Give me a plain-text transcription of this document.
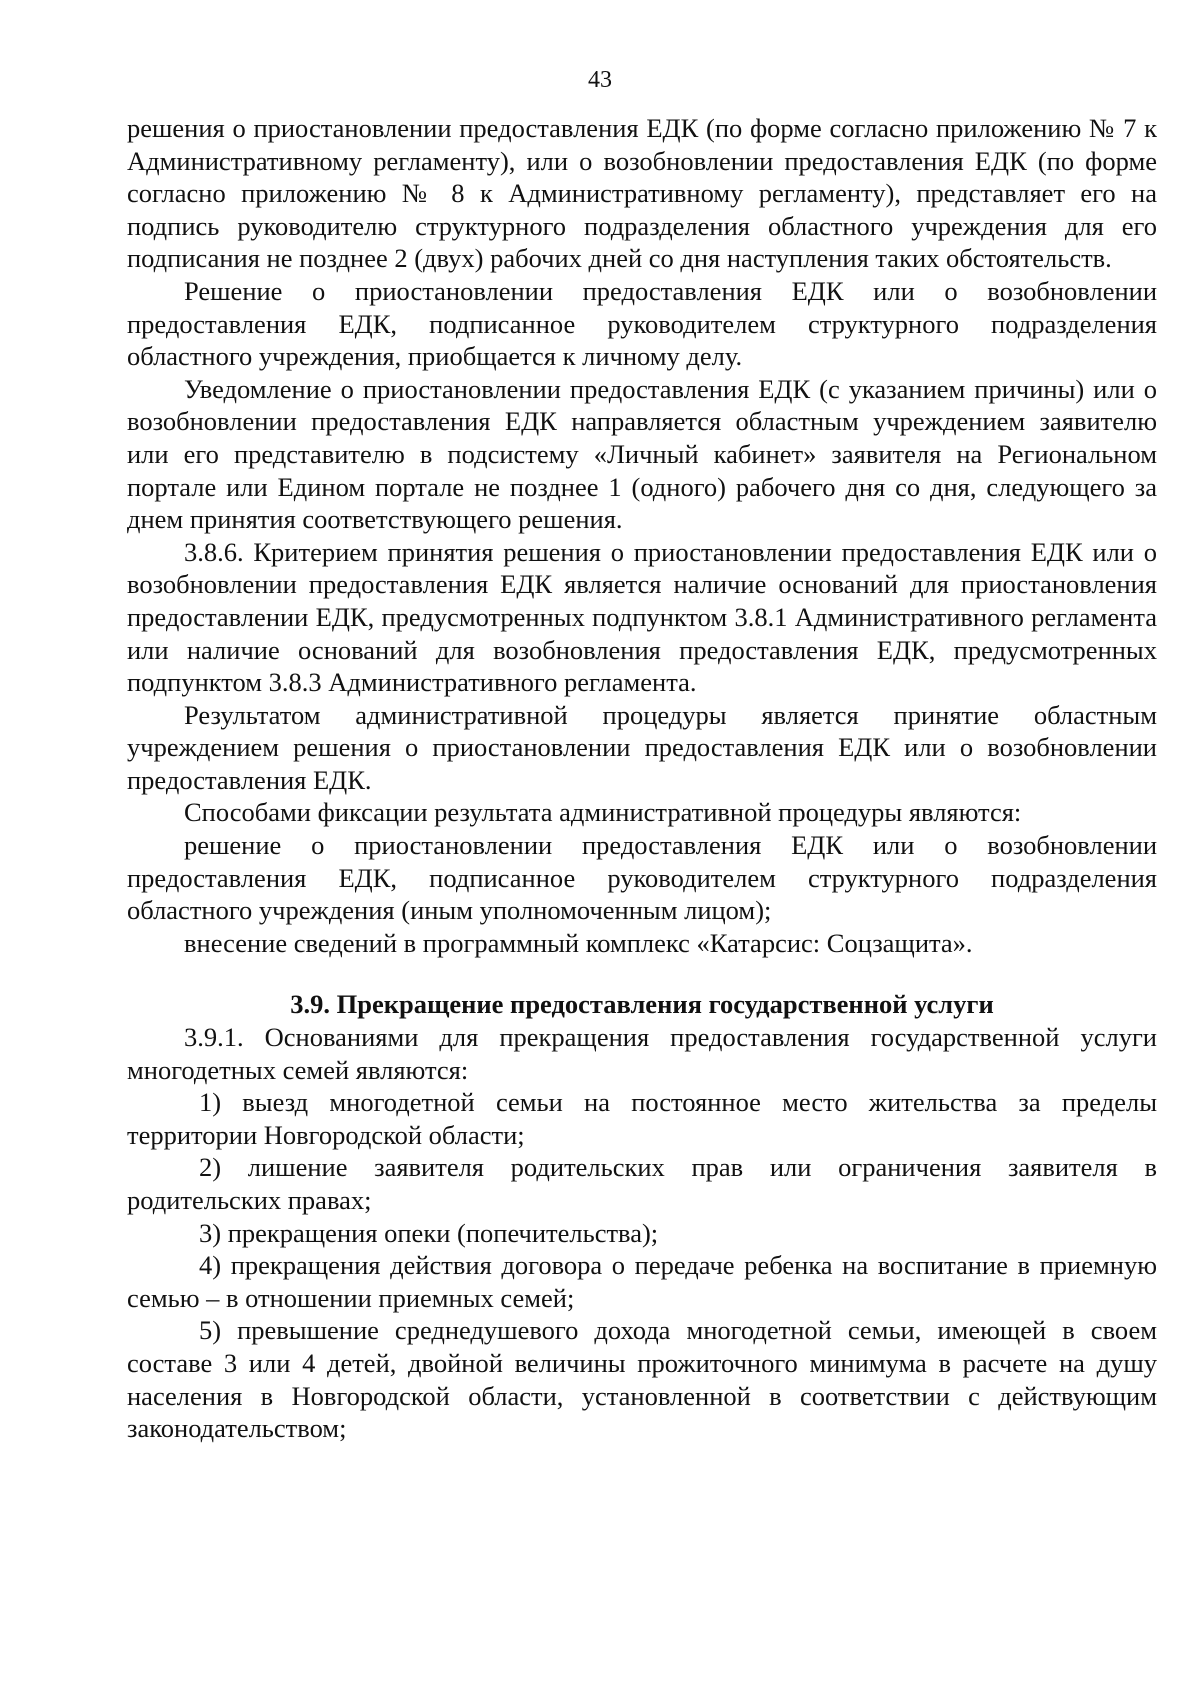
43

решения о приостановлении предоставления ЕДК (по форме согласно приложению № 7 к Административному регламенту), или о возобновлении предоставления ЕДК (по форме согласно приложению № 8 к Административному регламенту), представляет его на подпись руководителю структурного подразделения областного учреждения для его подписания не позднее 2 (двух) рабочих дней со дня наступления таких обстоятельств.

Решение о приостановлении предоставления ЕДК или о возобновлении предоставления ЕДК, подписанное руководителем структурного подразделения областного учреждения, приобщается к личному делу.

Уведомление о приостановлении предоставления ЕДК (с указанием причины) или о возобновлении предоставления ЕДК направляется областным учреждением заявителю или его представителю в подсистему «Личный кабинет» заявителя на Региональном портале или Едином портале не позднее 1 (одного) рабочего дня со дня, следующего за днем принятия соответствующего решения.

3.8.6. Критерием принятия решения о приостановлении предоставления ЕДК или о возобновлении предоставления ЕДК является наличие оснований для приостановления предоставлении ЕДК, предусмотренных подпунктом 3.8.1 Административного регламента или наличие оснований для возобновления предоставления ЕДК, предусмотренных подпунктом 3.8.3 Административного регламента.

Результатом административной процедуры является принятие областным учреждением решения о приостановлении предоставления ЕДК или о возобновлении предоставления ЕДК.

Способами фиксации результата административной процедуры являются:

решение о приостановлении предоставления ЕДК или о возобновлении предоставления ЕДК, подписанное руководителем структурного подразделения областного учреждения (иным уполномоченным лицом);

внесение сведений в программный комплекс «Катарсис: Соцзащита».

3.9. Прекращение предоставления государственной услуги

3.9.1. Основаниями для прекращения предоставления государственной услуги многодетных семей являются:

1) выезд многодетной семьи на постоянное место жительства за пределы территории Новгородской области;

2) лишение заявителя родительских прав или ограничения заявителя в родительских правах;

3) прекращения опеки (попечительства);

4) прекращения действия договора о передаче ребенка на воспитание в приемную семью – в отношении приемных семей;

5) превышение среднедушевого дохода многодетной семьи, имеющей в своем составе 3 или 4 детей, двойной величины прожиточного минимума в расчете на душу населения в Новгородской области, установленной в соответствии с действующим законодательством;
